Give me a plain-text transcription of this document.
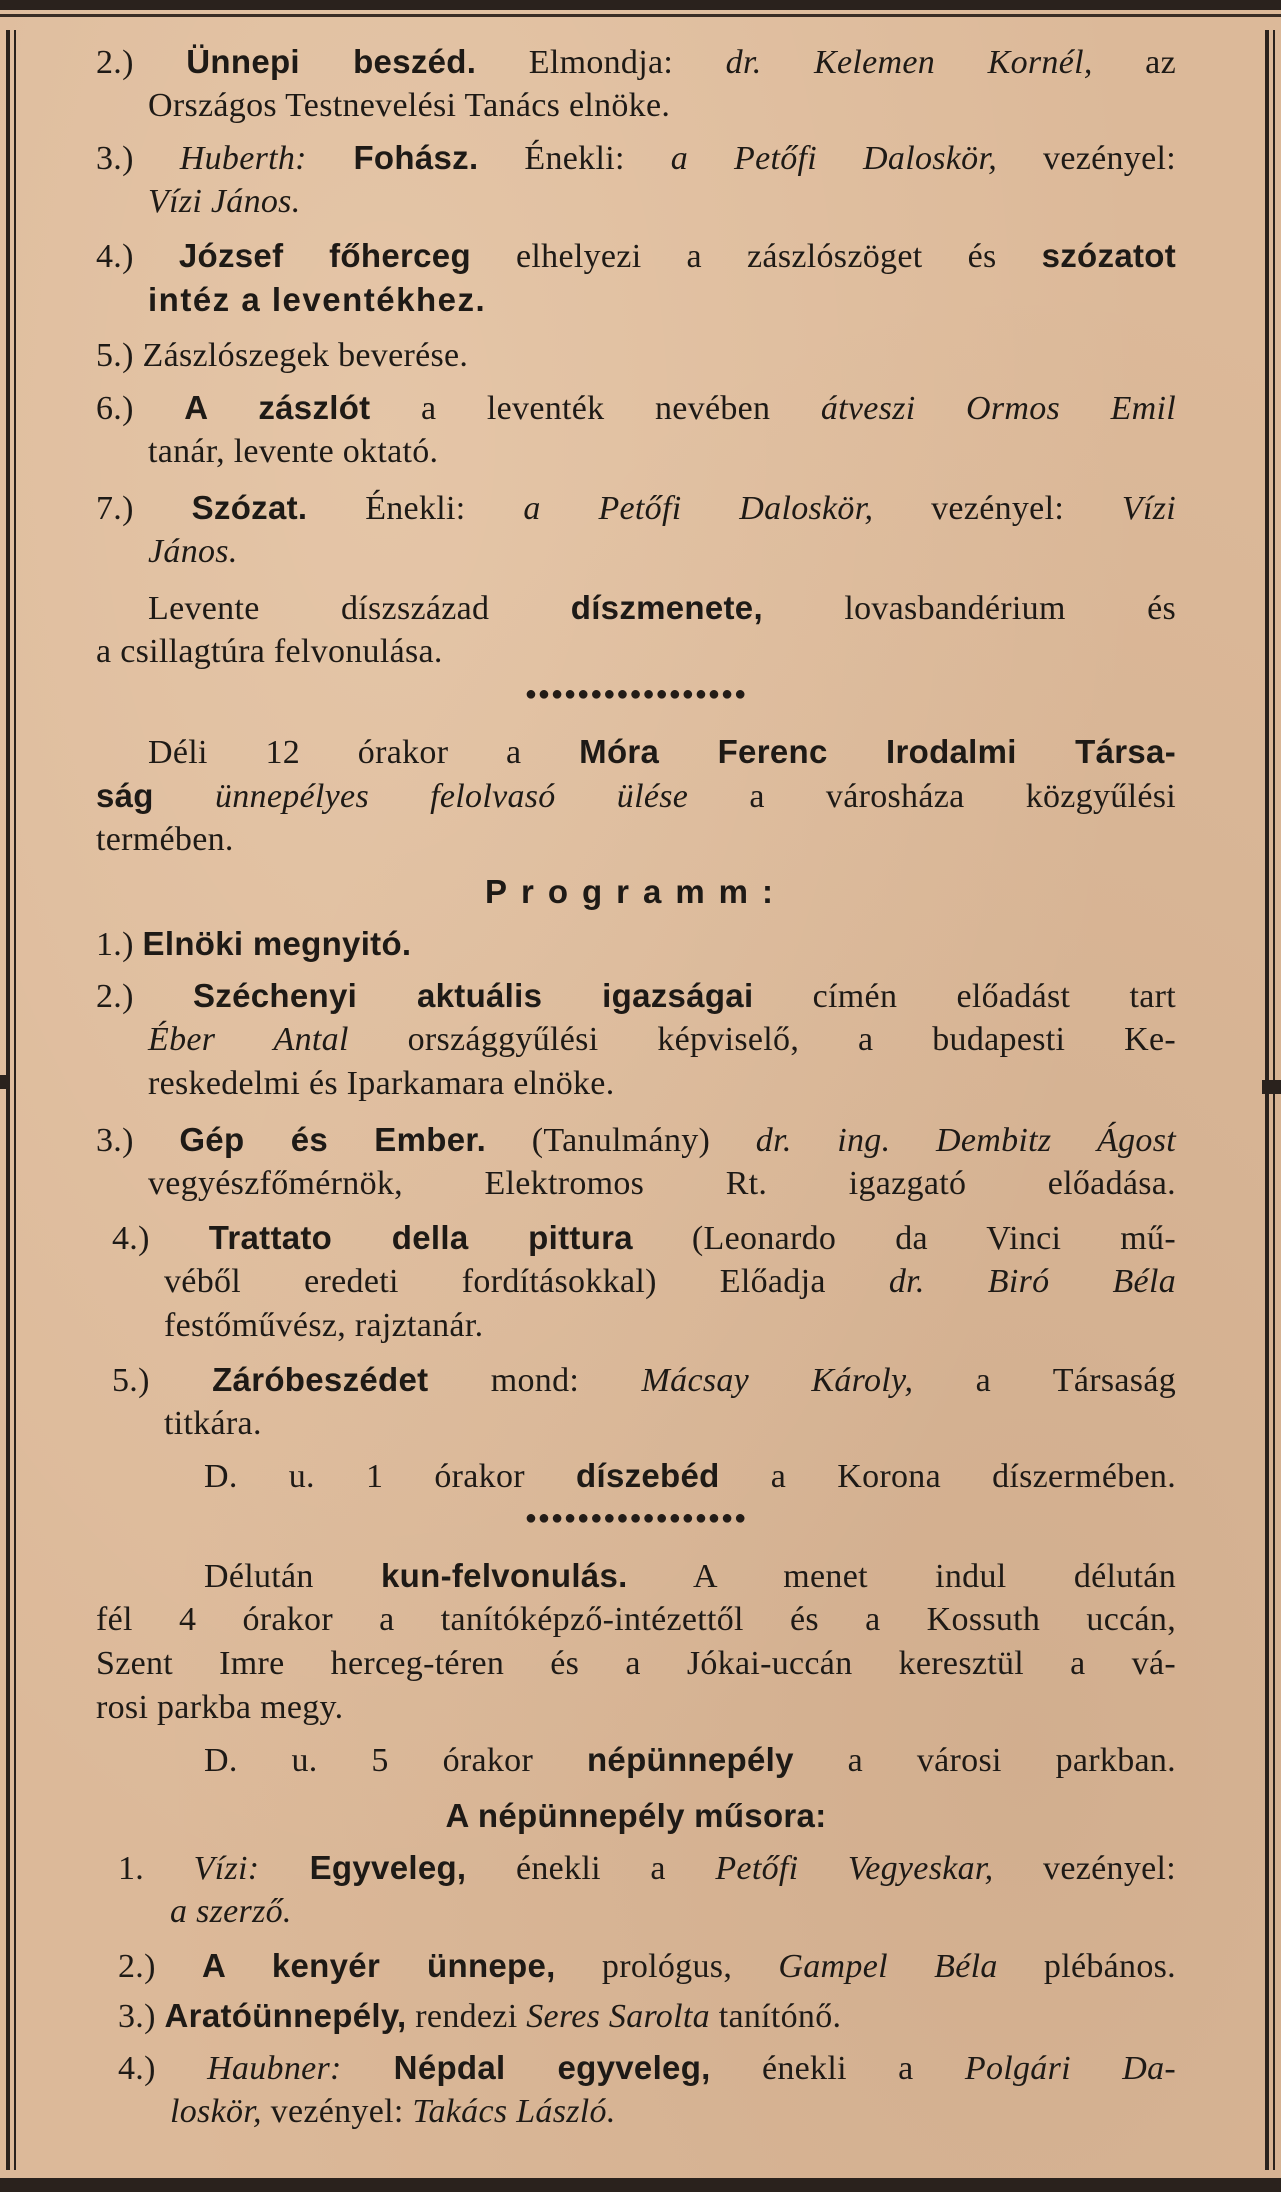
2.) Ünnepi beszéd. Elmondja: dr. Kelemen Kornél, az
Országos Testnevelési Tanács elnöke.
3.) Huberth: Fohász. Énekli: a Petőfi Daloskör, vezényel:
Vízi János.
4.) József főherceg elhelyezi a zászlószöget és szózatot
intéz a leventékhez.
5.) Zászlószegek beverése.
6.) A zászlót a leventék nevében átveszi Ormos Emil
tanár, levente oktató.
7.) Szózat. Énekli: a Petőfi Daloskör, vezényel: Vízi
János.
Levente díszszázad díszmenete, lovasbandérium és
a csillagtúra felvonulása.
●●●●●●●●●●●●●●●●●
Déli 12 órakor a Móra Ferenc Irodalmi Társa-
ság ünnepélyes felolvasó ülése a városháza közgyűlési
termében.
Programm:
1.) Elnöki megnyitó.
2.) Széchenyi aktuális igazságai címén előadást tart
Éber Antal országgyűlési képviselő, a budapesti Ke-
reskedelmi és Iparkamara elnöke.
3.) Gép és Ember. (Tanulmány) dr. ing. Dembitz Ágost
vegyészfőmérnök, Elektromos Rt. igazgató előadása.
4.) Trattato della pittura (Leonardo da Vinci mű-
véből eredeti fordításokkal) Előadja dr. Biró Béla
festőművész, rajztanár.
5.) Záróbeszédet mond: Mácsay Károly, a Társaság
titkára.
D. u. 1 órakor díszebéd a Korona díszermében.
●●●●●●●●●●●●●●●●●
Délután kun-felvonulás. A menet indul délután
fél 4 órakor a tanítóképző-intézettől és a Kossuth uccán,
Szent Imre herceg-téren és a Jókai-uccán keresztül a vá-
rosi parkba megy.
D. u. 5 órakor népünnepély a városi parkban.
A népünnepély műsora:
1. Vízi: Egyveleg, énekli a Petőfi Vegyeskar, vezényel:
a szerző.
2.) A kenyér ünnepe, prológus, Gampel Béla plébános.
3.) Aratóünnepély, rendezi Seres Sarolta tanítónő.
4.) Haubner: Népdal egyveleg, énekli a Polgári Da-
loskör, vezényel: Takács László.
